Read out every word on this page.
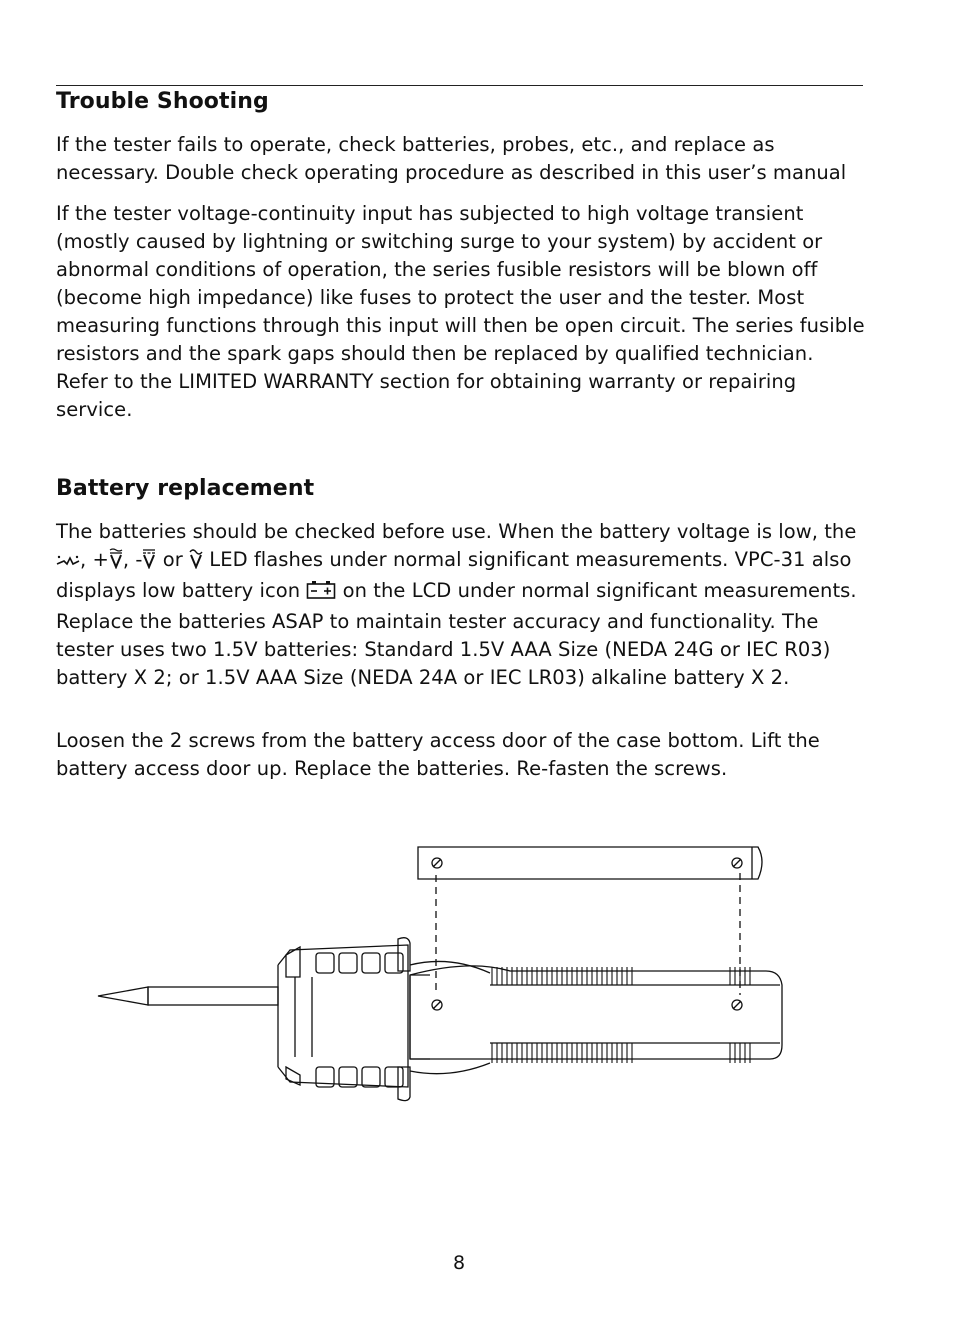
Trouble Shooting

If the tester fails to operate, check batteries, probes, etc., and replace as necessary. Double check operating procedure as described in this user’s manual

If the tester voltage-continuity input has subjected to high voltage transient (mostly caused by lightning or switching surge to your system) by accident or abnormal conditions of operation, the series fusible resistors will be blown off (become high impedance) like fuses to protect the user and the tester. Most measuring functions through this input will then be open circuit. The series fusible resistors and the spark gaps should then be replaced by qualified technician. Refer to the LIMITED WARRANTY section for obtaining warranty or repairing service.

Battery replacement

The batteries should be checked before use. When the battery voltage is low, the , + , - or  LED flashes under normal significant measurements. VPC-31 also displays low battery icon  on the LCD under normal significant measurements. Replace the batteries ASAP to maintain tester accuracy and functionality. The tester uses two 1.5V batteries: Standard 1.5V AAA Size (NEDA 24G or IEC R03) battery X 2; or 1.5V AAA Size (NEDA 24A or IEC LR03) alkaline battery X 2.

Loosen the 2 screws from the battery access door of the case bottom. Lift the battery access door up. Replace the batteries. Re-fasten the screws.

8
